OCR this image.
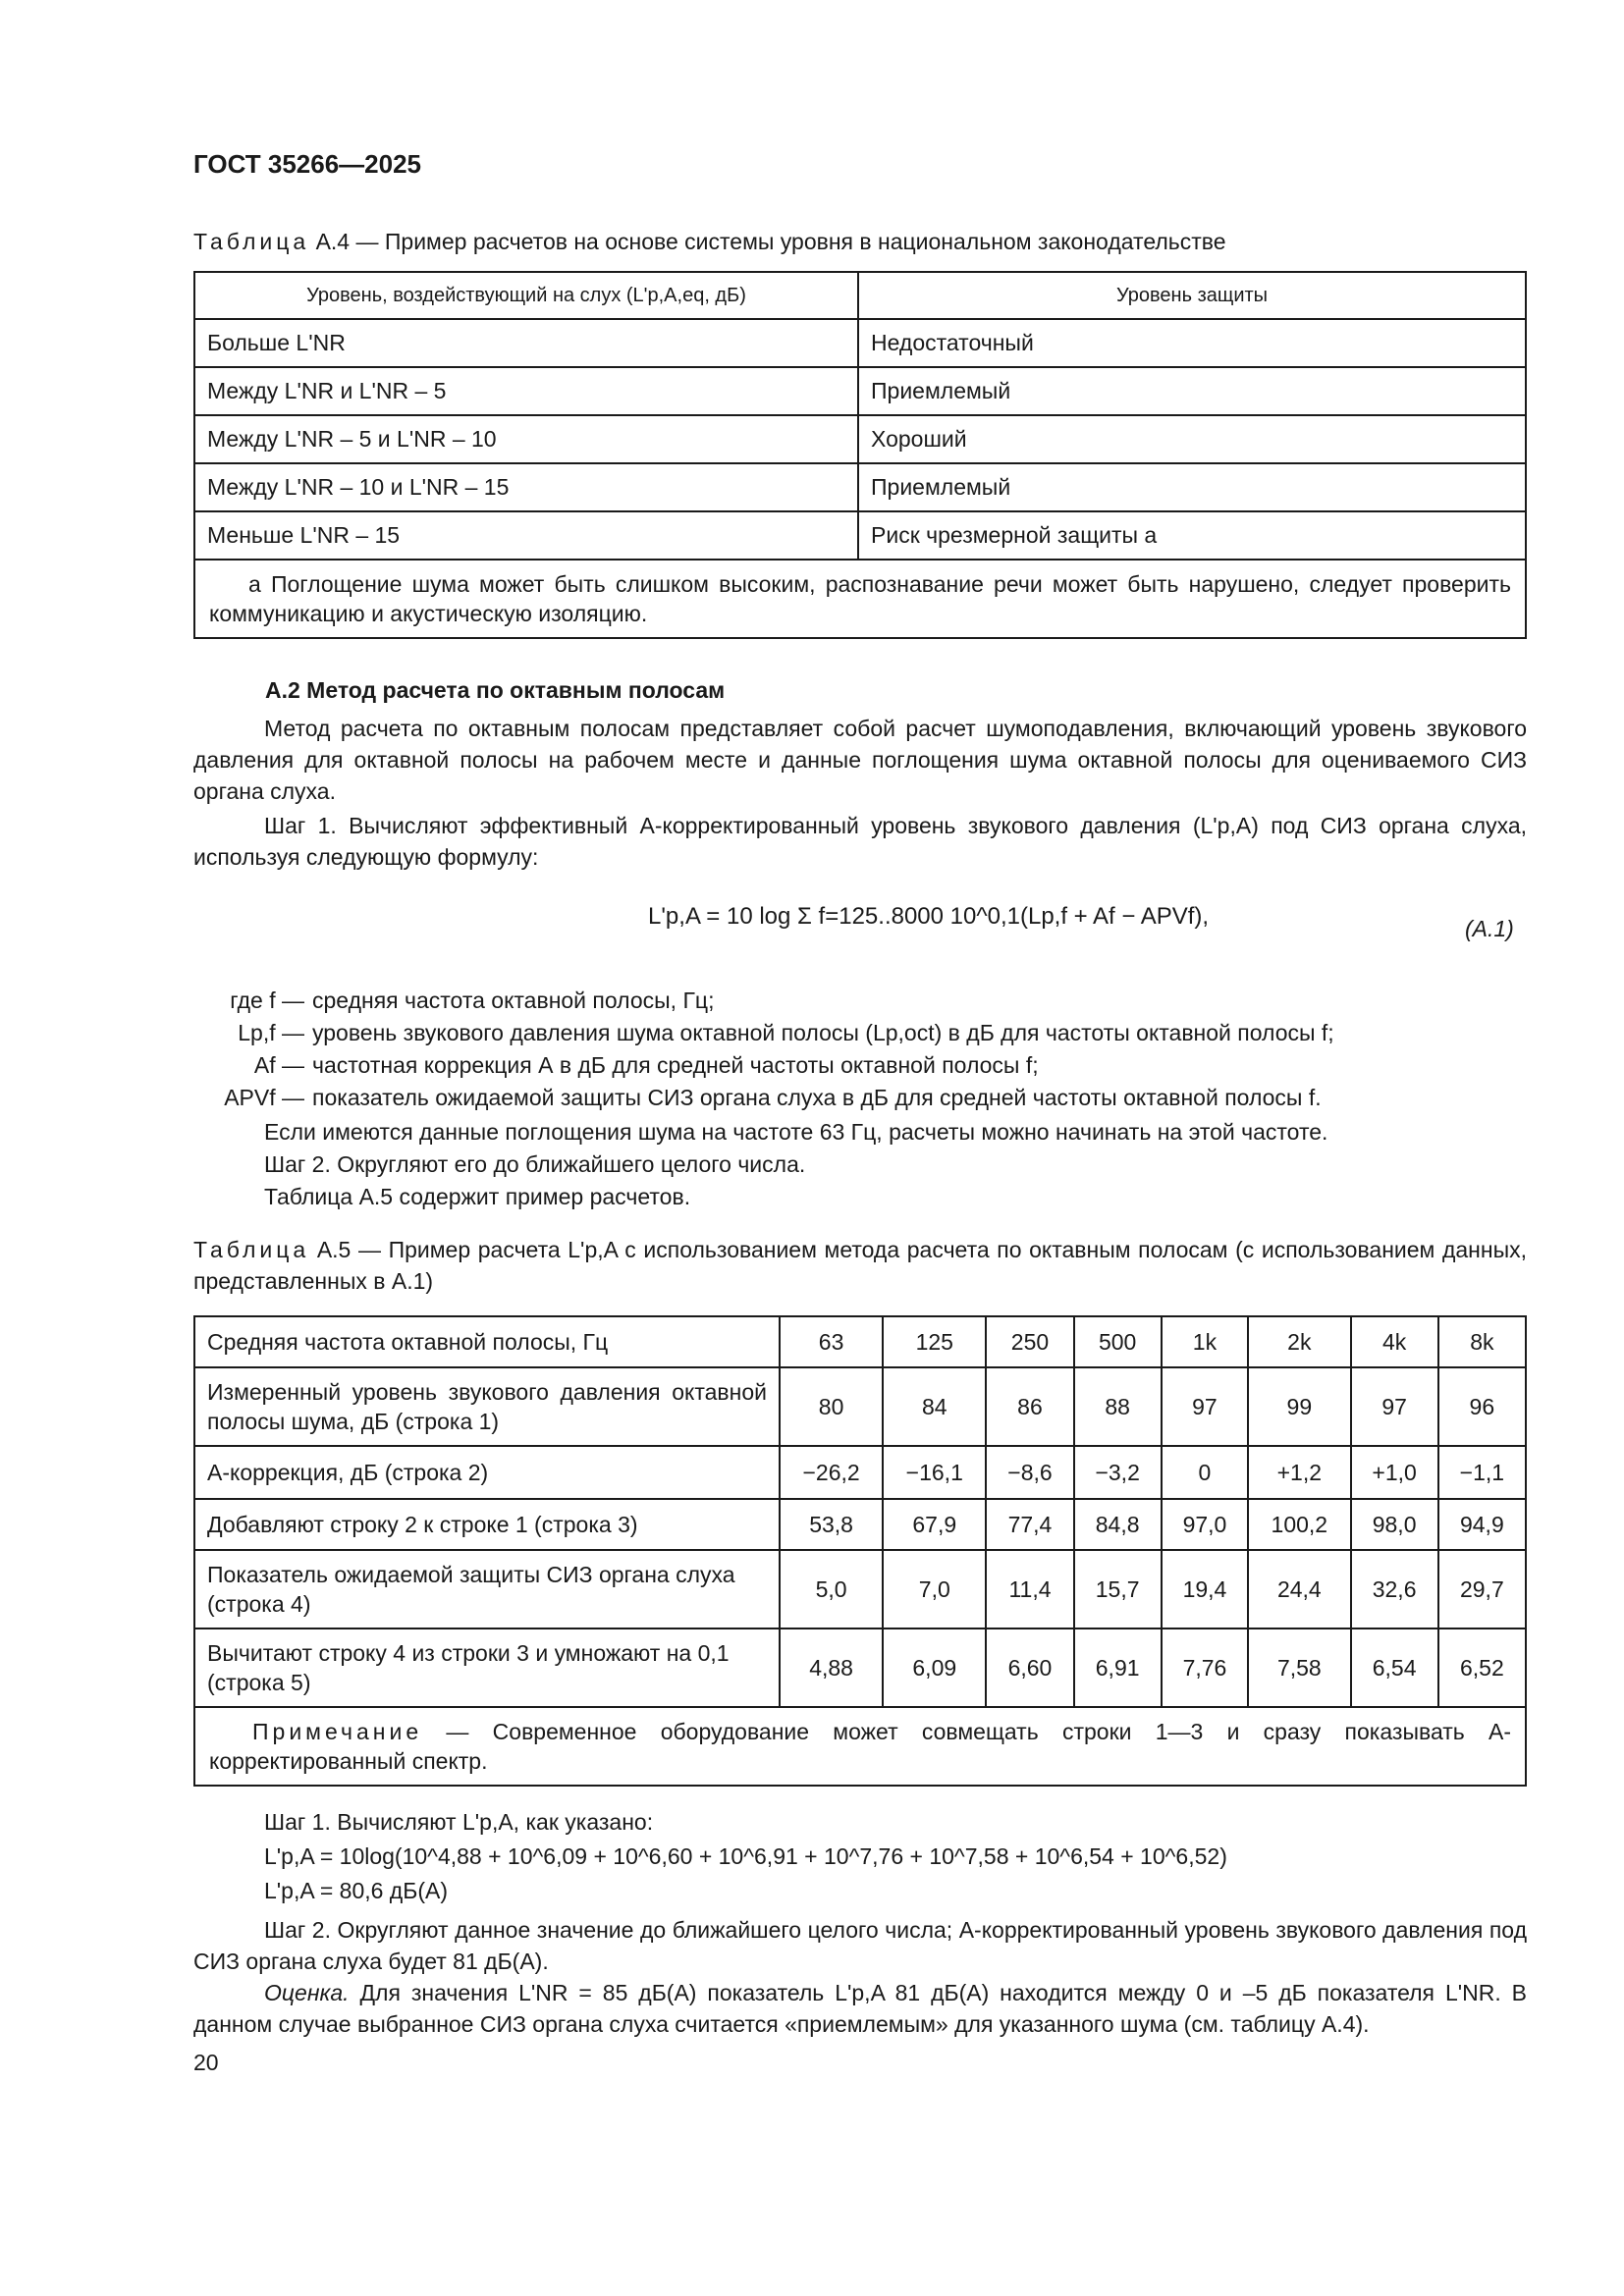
ГОСТ 35266—2025
Таблица А.4 — Пример расчетов на основе системы уровня в национальном законодательстве
Уровень, воздействующий на слух (L'p,A,eq, дБ)	Уровень защиты
Больше L'NR	Недостаточный
Между L'NR и L'NR – 5	Приемлемый
Между L'NR – 5 и L'NR – 10	Хороший
Между L'NR – 10 и L'NR – 15	Приемлемый
Меньше L'NR – 15	Риск чрезмерной защиты a
a Поглощение шума может быть слишком высоким, распознавание речи может быть нарушено, следует проверить коммуникацию и акустическую изоляцию.	
А.2 Метод расчета по октавным полосам
Метод расчета по октавным полосам представляет собой расчет шумоподавления, включающий уровень звукового давления для октавной полосы на рабочем месте и данные поглощения шума октавной полосы для оцениваемого СИЗ органа слуха.
Шаг 1. Вычисляют эффективный А-корректированный уровень звукового давления (L'p,A) под СИЗ органа слуха, используя следующую формулу:
L'p,A = 10 log Σ f=125..8000 10^0,1(Lp,f + Af − APVf),	(А.1)
где f —	средняя частота октавной полосы, Гц;
Lp,f —	уровень звукового давления шума октавной полосы (Lp,oct) в дБ для частоты октавной полосы f;
Af —	частотная коррекция А в дБ для средней частоты октавной полосы f;
APVf —	показатель ожидаемой защиты СИЗ органа слуха в дБ для средней частоты октавной полосы f.
Если имеются данные поглощения шума на частоте 63 Гц, расчеты можно начинать на этой частоте.
Шаг 2. Округляют его до ближайшего целого числа.
Таблица А.5 содержит пример расчетов.
Таблица А.5 — Пример расчета L'p,A с использованием метода расчета по октавным полосам (с использованием данных, представленных в А.1)
Средняя частота октавной полосы, Гц	63	125	250	500	1k	2k	4k	8k
Измеренный уровень звукового давления октавной полосы шума, дБ (строка 1)	80	84	86	88	97	99	97	96
А-коррекция, дБ (строка 2)	−26,2	−16,1	−8,6	−3,2	0	+1,2	+1,0	−1,1
Добавляют строку 2 к строке 1 (строка 3)	53,8	67,9	77,4	84,8	97,0	100,2	98,0	94,9
Показатель ожидаемой защиты СИЗ органа слуха (строка 4)	5,0	7,0	11,4	15,7	19,4	24,4	32,6	29,7
Вычитают строку 4 из строки 3 и умножают на 0,1 (строка 5)	4,88	6,09	6,60	6,91	7,76	7,58	6,54	6,52
Примечание — Современное оборудование может совмещать строки 1—3 и сразу показывать А-корректированный спектр.								
Шаг 1. Вычисляют L'p,A, как указано:
L'p,A = 10log(10^4,88 + 10^6,09 + 10^6,60 + 10^6,91 + 10^7,76 + 10^7,58 + 10^6,54 + 10^6,52)
L'p,A = 80,6 дБ(А)
Шаг 2. Округляют данное значение до ближайшего целого числа; А-корректированный уровень звукового давления под СИЗ органа слуха будет 81 дБ(А).
Оценка. Для значения L'NR = 85 дБ(А) показатель L'p,A 81 дБ(А) находится между 0 и –5 дБ показателя L'NR. В данном случае выбранное СИЗ органа слуха считается «приемлемым» для указанного шума (см. таблицу А.4).
20
